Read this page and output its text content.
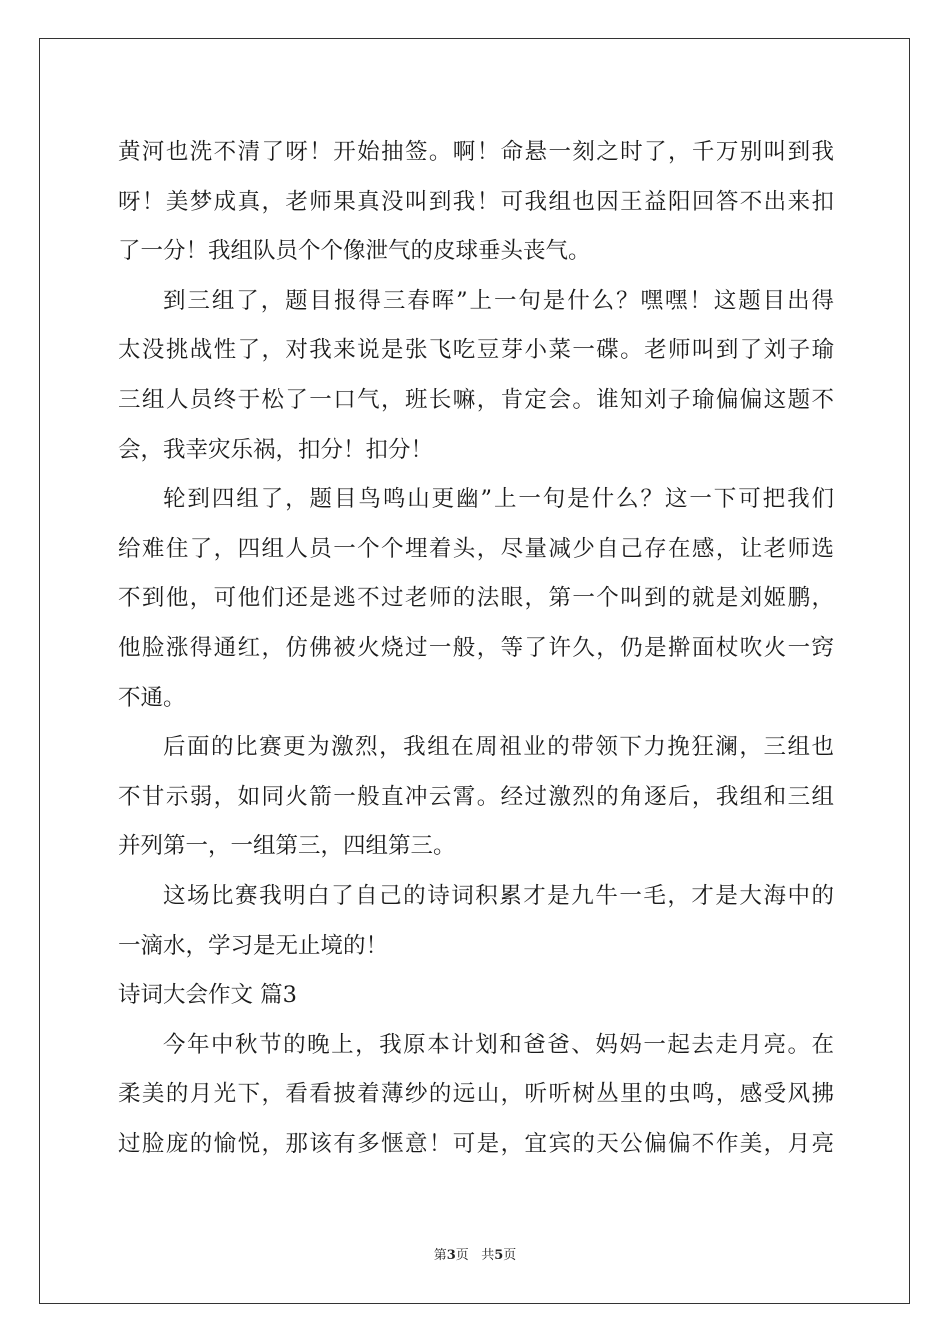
黄河也洗不清了呀！开始抽签。啊！命悬一刻之时了，千万别叫到我
呀！美梦成真，老师果真没叫到我！可我组也因王益阳回答不出来扣
了一分！我组队员个个像泄气的皮球垂头丧气。
到三组了，题目报得三春晖”上一句是什么？嘿嘿！这题目出得
太没挑战性了，对我来说是张飞吃豆芽小菜一碟。老师叫到了刘子瑜
三组人员终于松了一口气，班长嘛，肯定会。谁知刘子瑜偏偏这题不
会，我幸灾乐祸，扣分！扣分！
轮到四组了，题目鸟鸣山更幽”上一句是什么？这一下可把我们
给难住了，四组人员一个个埋着头，尽量减少自己存在感，让老师选
不到他，可他们还是逃不过老师的法眼，第一个叫到的就是刘姬鹏，
他脸涨得通红，仿佛被火烧过一般，等了许久，仍是擀面杖吹火一窍
不通。
后面的比赛更为激烈，我组在周祖业的带领下力挽狂澜，三组也
不甘示弱，如同火箭一般直冲云霄。经过激烈的角逐后，我组和三组
并列第一，一组第三，四组第三。
这场比赛我明白了自己的诗词积累才是九牛一毛，才是大海中的
一滴水，学习是无止境的！
诗词大会作文 篇3
今年中秋节的晚上，我原本计划和爸爸、妈妈一起去走月亮。在
柔美的月光下，看看披着薄纱的远山，听听树丛里的虫鸣，感受风拂
过脸庞的愉悦，那该有多惬意！可是，宜宾的天公偏偏不作美，月亮
第3页 共5页
